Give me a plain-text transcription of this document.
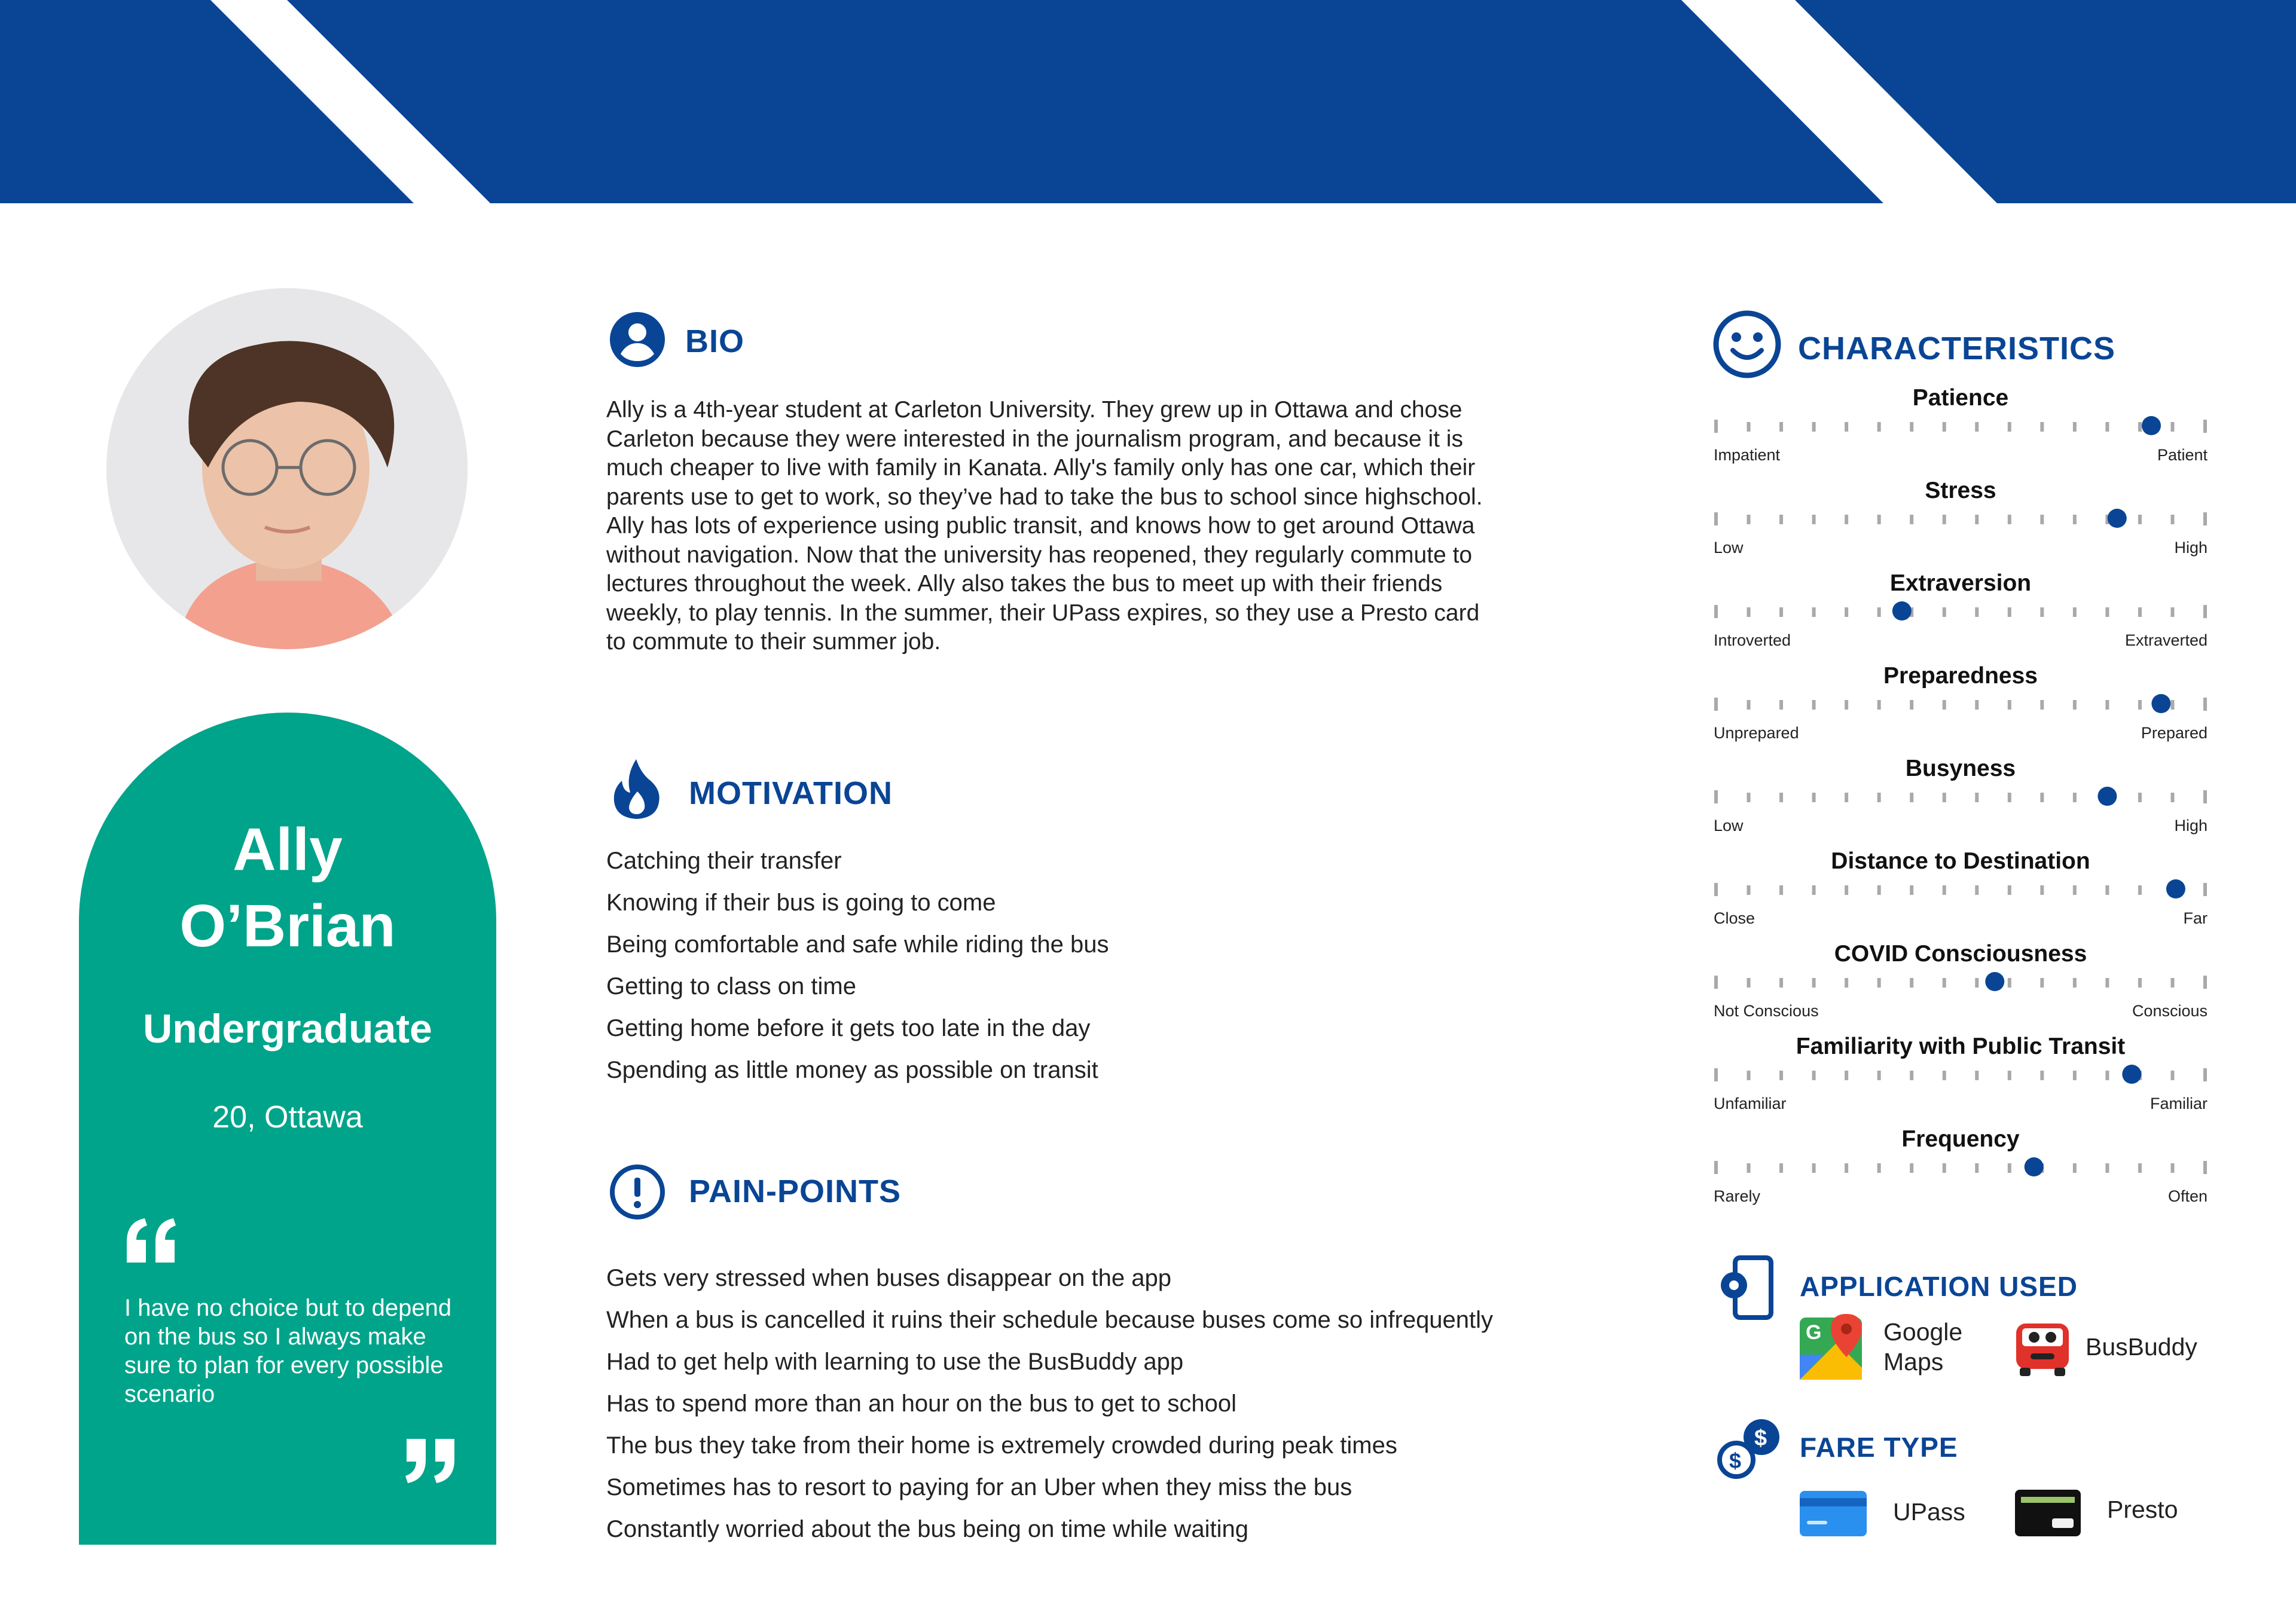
Ally
O’Brian
Undergraduate
20, Ottawa
I have no choice but to depend on the bus so I always make sure to plan for every possible scenario
BIO
Ally is a 4th-year student at Carleton University. They grew up in Ottawa and chose Carleton because they were interested in the journalism program, and because it is much cheaper to live with family in Kanata. Ally's family only has one car, which their parents use to get to work, so they’ve had to take the bus to school since highschool. Ally has lots of experience using public transit, and knows how to get around Ottawa without navigation. Now that the university has reopened, they regularly commute to lectures throughout the week. Ally also takes the bus to meet up with their friends weekly, to play tennis. In the summer, their UPass expires, so they use a Presto card to commute to their summer job.
MOTIVATION
Catching their transfer
Knowing if their bus is going to come
Being comfortable and safe while riding the bus
Getting to class on time
Getting home before it gets too late in the day
Spending as little money as possible on transit
PAIN-POINTS
Gets very stressed when buses disappear on the app
When a bus is cancelled it ruins their schedule because buses come so infrequently
Had to get help with learning to use the BusBuddy app
Has to spend more than an hour on the bus to get to school
The bus they take from their home is extremely crowded during peak times
Sometimes has to resort to paying for an Uber when they miss the bus
Constantly worried about the bus being on time while waiting
CHARACTERISTICS
Patience
Impatient	Patient
Stress
Low	High
Extraversion
Introverted	Extraverted
Preparedness
Unprepared	Prepared
Busyness
Low	High
Distance to Destination
Close	Far
COVID Consciousness
Not Conscious	Conscious
Familiarity with Public Transit
Unfamiliar	Familiar
Frequency
Rarely	Often
APPLICATION USED
G	Google Maps
BusBuddy
$
$ FARE TYPE
UPass	Presto
